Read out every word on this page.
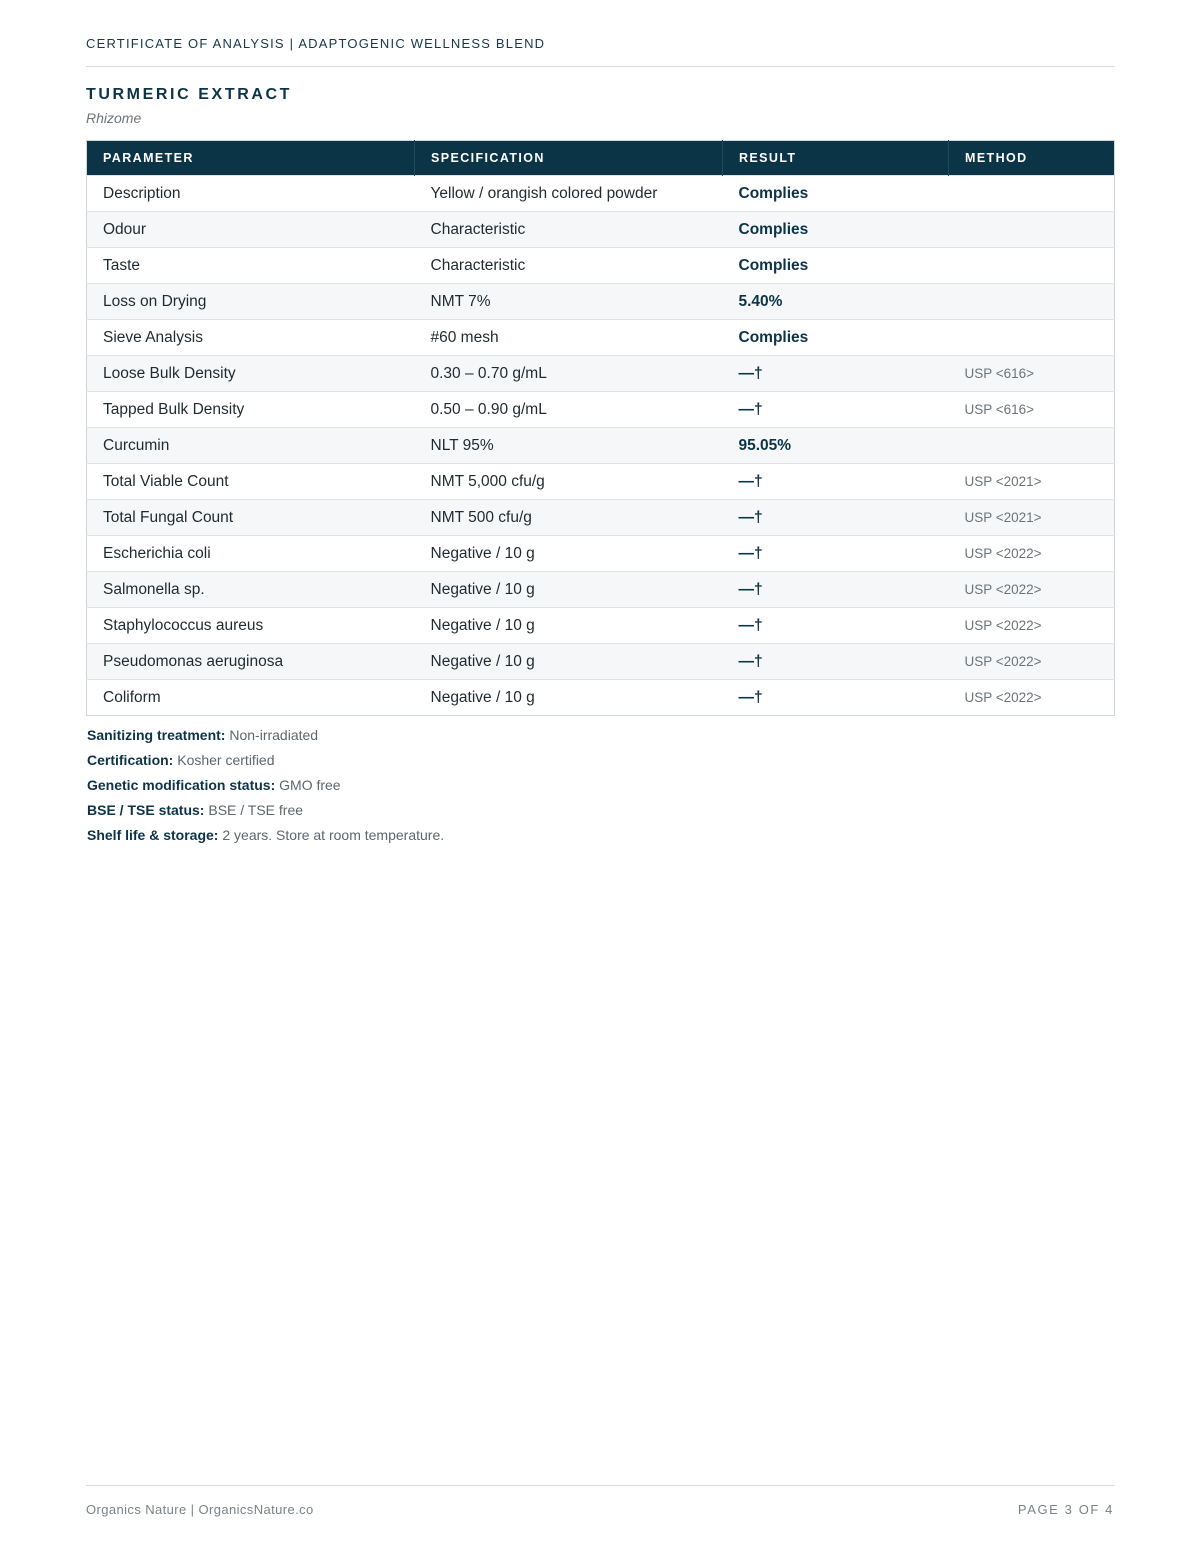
CERTIFICATE OF ANALYSIS | ADAPTOGENIC WELLNESS BLEND
TURMERIC EXTRACT
Rhizome
PARAMETER	SPECIFICATION	RESULT	METHOD
Description	Yellow / orangish colored powder	Complies	
Odour	Characteristic	Complies	
Taste	Characteristic	Complies	
Loss on Drying	NMT 7%	5.40%	
Sieve Analysis	#60 mesh	Complies	
Loose Bulk Density	0.30 – 0.70 g/mL	—†	USP <616>
Tapped Bulk Density	0.50 – 0.90 g/mL	—†	USP <616>
Curcumin	NLT 95%	95.05%	
Total Viable Count	NMT 5,000 cfu/g	—†	USP <2021>
Total Fungal Count	NMT 500 cfu/g	—†	USP <2021>
Escherichia coli	Negative / 10 g	—†	USP <2022>
Salmonella sp.	Negative / 10 g	—†	USP <2022>
Staphylococcus aureus	Negative / 10 g	—†	USP <2022>
Pseudomonas aeruginosa	Negative / 10 g	—†	USP <2022>
Coliform	Negative / 10 g	—†	USP <2022>
Sanitizing treatment: Non-irradiated
Certification: Kosher certified
Genetic modification status: GMO free
BSE / TSE status: BSE / TSE free
Shelf life & storage: 2 years. Store at room temperature.
Organics Nature | OrganicsNature.co	PAGE 3 OF 4
